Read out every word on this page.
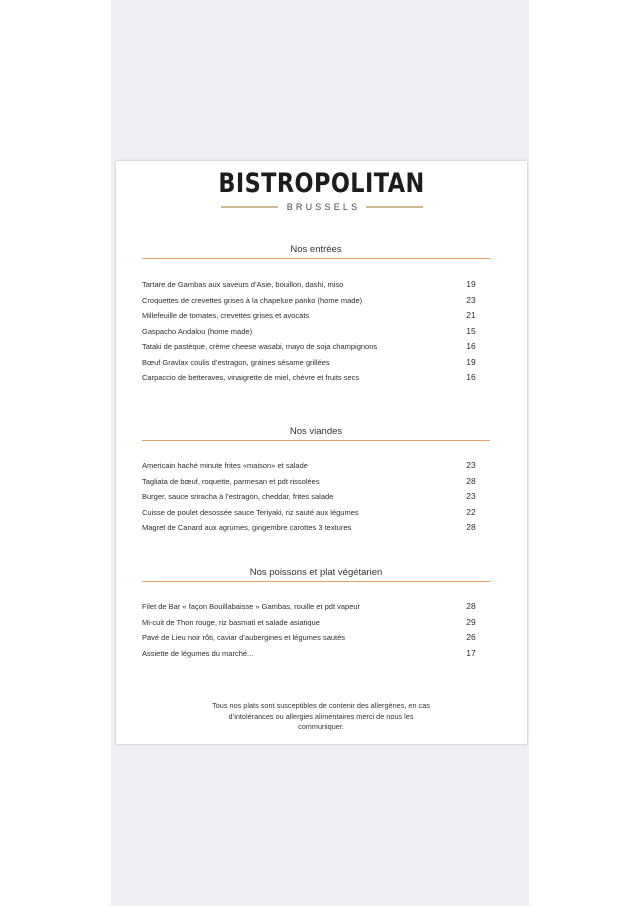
BISTROPOLITAN
BRUSSELS
Nos entrées
Tartare de Gambas aux saveurs d’Asie, bouillon, dashi, miso	19
Croquettes de crevettes grises à la chapelure panko (home made)	23
Millefeuille de tomates, crevettes grises et avocats	21
Gaspacho Andalou (home made)	15
Tataki de pastèque, crème cheese wasabi, mayo de soja champignons	16
Bœuf Gravlax coulis d’estragon, graines sésame grillées	19
Carpaccio de betteraves, vinaigrette de miel, chèvre et fruits secs	16
Nos viandes
Americain haché minute frites «maison» et salade	23
Tagliata de bœuf, roquette, parmesan et pdt rissolées	28
Burger, sauce sriracha à l’estragon, cheddar, frites salade	23
Cuisse de poulet desossée sauce Teriyaki, riz sauté aux légumes	22
Magret de Canard aux agrumes, gingembre carottes 3 textures	28
Nos poissons et plat végétarien
Filet de Bar « façon Bouillabaisse » Gambas, rouille et pdt vapeur	28
Mi-cuit de Thon rouge, riz basmati et salade asiatique	29
Pavé de Lieu noir rôti, caviar d’aubergines et légumes sautés	26
Assiette de légumes du marché...	17
Tous nos plats sont susceptibles de contenir des allergènes, en cas
d’intolérances ou allergies alimentaires merci de nous les
communiquer.
